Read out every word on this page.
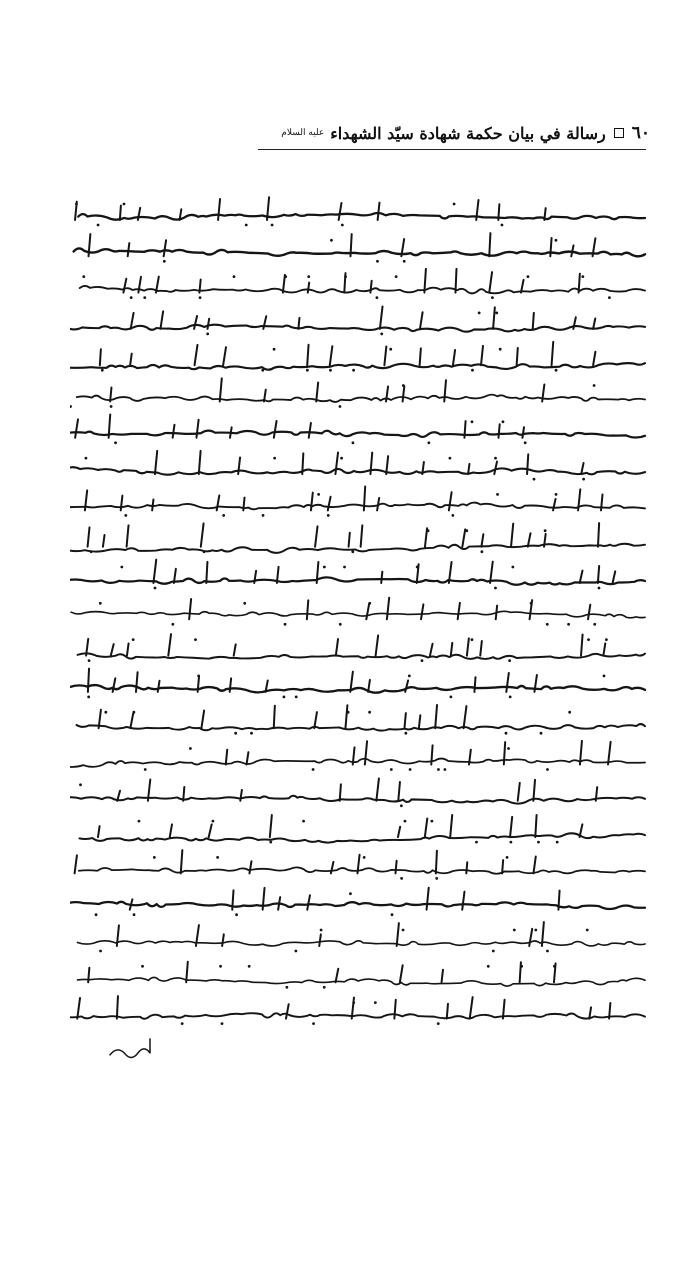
٦٠
رسالة في بيان حكمة شهادة سيّد الشهداء
عليه السلام
